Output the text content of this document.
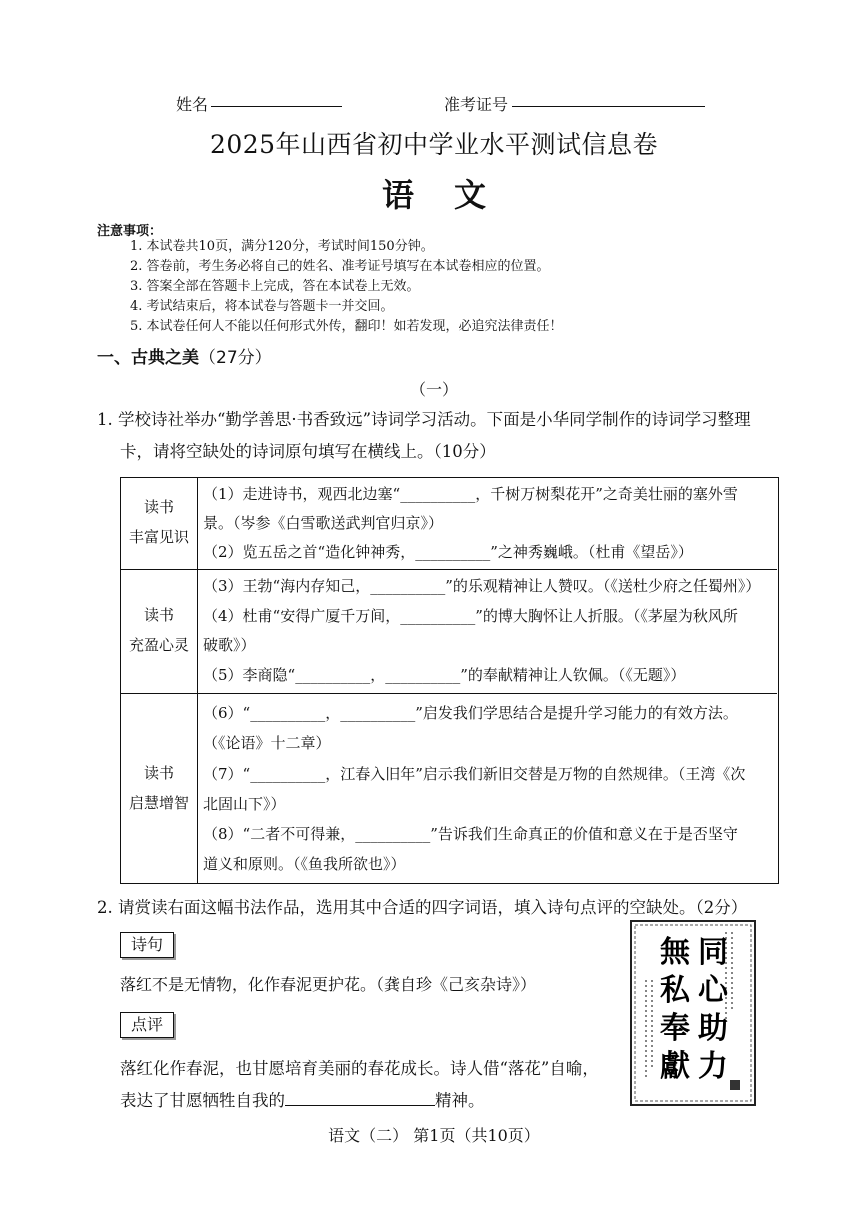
姓名	准考证号
2025年山西省初中学业水平测试信息卷
语文
注意事项：
1. 本试卷共10页，满分120分，考试时间150分钟。
2. 答卷前，考生务必将自己的姓名、准考证号填写在本试卷相应的位置。
3. 答案全部在答题卡上完成，答在本试卷上无效。
4. 考试结束后，将本试卷与答题卡一并交回。
5. 本试卷任何人不能以任何形式外传，翻印！如若发现，必追究法律责任！
一、古典之美（27分）
（一）
1. 学校诗社举办“勤学善思·书香致远”诗词学习活动。下面是小华同学制作的诗词学习整理
卡，请将空缺处的诗词原句填写在横线上。（10分）
读书
丰富见识
（1）走进诗书，观西北边塞“__________，千树万树梨花开”之奇美壮丽的塞外雪
景。（岑参《白雪歌送武判官归京》）
（2）览五岳之首“造化钟神秀，__________”之神秀巍峨。（杜甫《望岳》）
读书
充盈心灵
（3）王勃“海内存知己，__________”的乐观精神让人赞叹。（《送杜少府之任蜀州》）
（4）杜甫“安得广厦千万间，__________”的博大胸怀让人折服。（《茅屋为秋风所
破歌》）
（5）李商隐“__________，__________”的奉献精神让人钦佩。（《无题》）
读书
启慧增智
（6）“__________，__________”启发我们学思结合是提升学习能力的有效方法。
（《论语》十二章）
（7）“__________，江春入旧年”启示我们新旧交替是万物的自然规律。（王湾《次
北固山下》）
（8）“二者不可得兼，__________”告诉我们生命真正的价值和意义在于是否坚守
道义和原则。（《鱼我所欲也》）
2. 请赏读右面这幅书法作品，选用其中合适的四字词语，填入诗句点评的空缺处。（2分）
诗句
落红不是无情物，化作春泥更护花。（龚自珍《己亥杂诗》）
点评
落红化作春泥，也甘愿培育美丽的春花成长。诗人借“落花”自喻，
表达了甘愿牺牲自我的	精神。
同
心
助
力
無
私
奉
獻
语文（二） 第1页（共10页）
